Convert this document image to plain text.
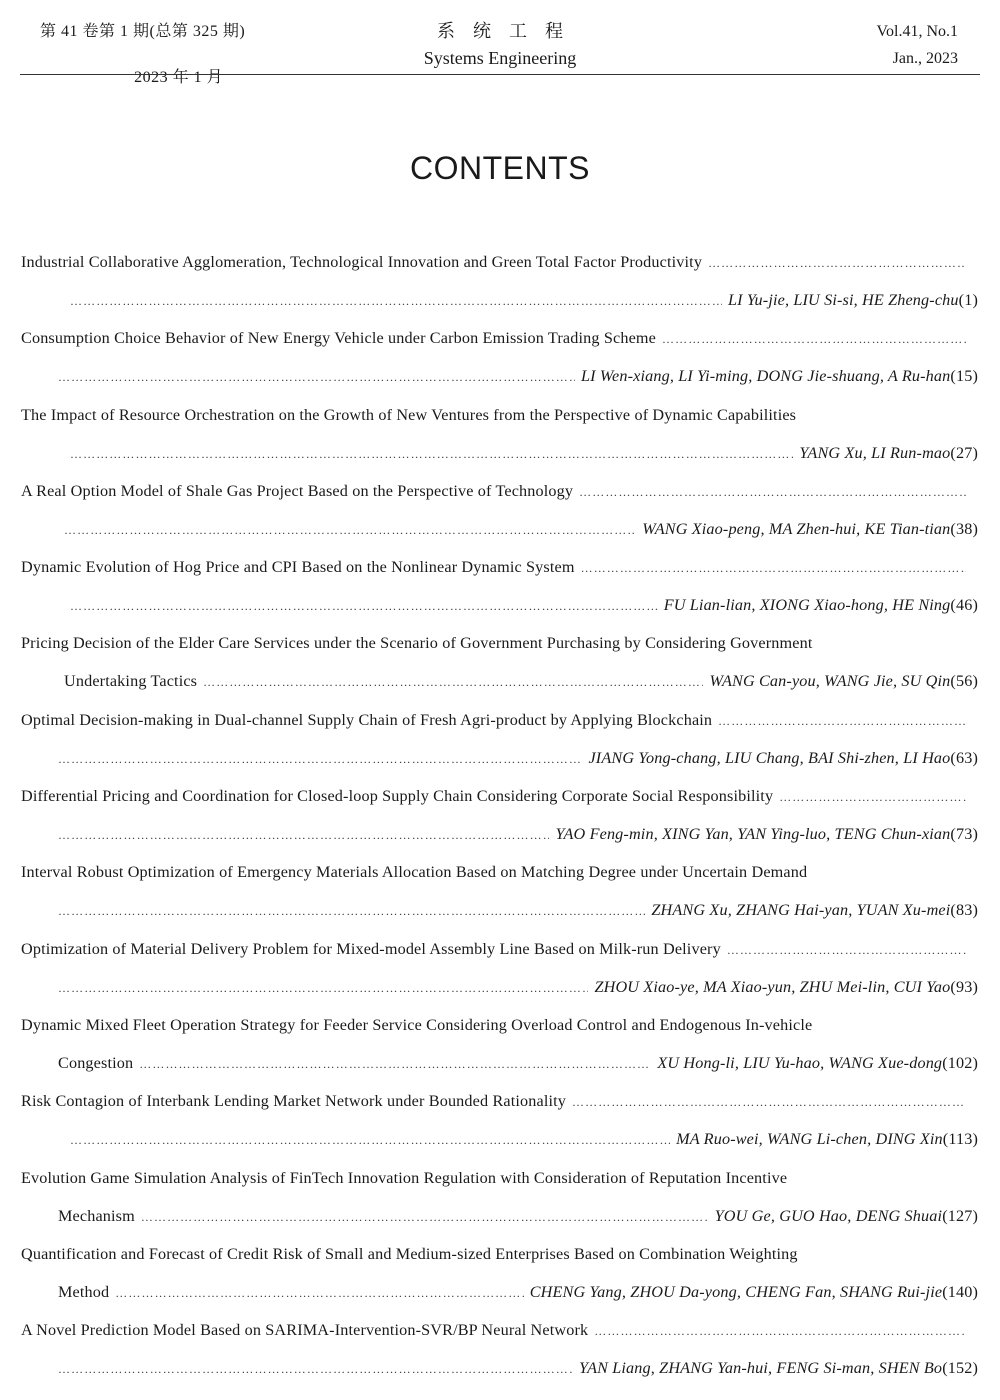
第 41 卷第 1 期(总第 325 期)
2023 年 1 月
系统工程
Systems Engineering
Vol.41, No.1
Jan., 2023
CONTENTS
Industrial Collaborative Agglomeration, Technological Innovation and Green Total Factor Productivity
……………………………………………………………………………………………………………………………………………………………………
……………………………………………………………………………………………………………………………………………………………………
LI Yu-jie, LIU Si-si, HE Zheng-chu (1)
Consumption Choice Behavior of New Energy Vehicle under Carbon Emission Trading Scheme
……………………………………………………………………………………………………………………………………………………………………
……………………………………………………………………………………………………………………………………………………………………
LI Wen-xiang, LI Yi-ming, DONG Jie-shuang, A Ru-han (15)
The Impact of Resource Orchestration on the Growth of New Ventures from the Perspective of Dynamic Capabilities
……………………………………………………………………………………………………………………………………………………………………
YANG Xu, LI Run-mao (27)
A Real Option Model of Shale Gas Project Based on the Perspective of Technology
……………………………………………………………………………………………………………………………………………………………………
……………………………………………………………………………………………………………………………………………………………………
WANG Xiao-peng, MA Zhen-hui, KE Tian-tian (38)
Dynamic Evolution of Hog Price and CPI Based on the Nonlinear Dynamic System
……………………………………………………………………………………………………………………………………………………………………
……………………………………………………………………………………………………………………………………………………………………
FU Lian-lian, XIONG Xiao-hong, HE Ning (46)
Pricing Decision of the Elder Care Services under the Scenario of Government Purchasing by Considering Government
Undertaking Tactics ……………………………………………………………………………………………………………………………………………………………………	WANG Can-you, WANG Jie, SU Qin (56)
Optimal Decision-making in Dual-channel Supply Chain of Fresh Agri-product by Applying Blockchain
……………………………………………………………………………………………………………………………………………………………………
……………………………………………………………………………………………………………………………………………………………………
JIANG Yong-chang, LIU Chang, BAI Shi-zhen, LI Hao (63)
Differential Pricing and Coordination for Closed-loop Supply Chain Considering Corporate Social Responsibility
……………………………………………………………………………………………………………………………………………………………………
……………………………………………………………………………………………………………………………………………………………………
YAO Feng-min, XING Yan, YAN Ying-luo, TENG Chun-xian (73)
Interval Robust Optimization of Emergency Materials Allocation Based on Matching Degree under Uncertain Demand
……………………………………………………………………………………………………………………………………………………………………
ZHANG Xu, ZHANG Hai-yan, YUAN Xu-mei (83)
Optimization of Material Delivery Problem for Mixed-model Assembly Line Based on Milk-run Delivery
……………………………………………………………………………………………………………………………………………………………………
……………………………………………………………………………………………………………………………………………………………………
ZHOU Xiao-ye, MA Xiao-yun, ZHU Mei-lin, CUI Yao (93)
Dynamic Mixed Fleet Operation Strategy for Feeder Service Considering Overload Control and Endogenous In-vehicle
Congestion ……………………………………………………………………………………………………………………………………………………………………	XU Hong-li, LIU Yu-hao, WANG Xue-dong (102)
Risk Contagion of Interbank Lending Market Network under Bounded Rationality
……………………………………………………………………………………………………………………………………………………………………
……………………………………………………………………………………………………………………………………………………………………
MA Ruo-wei, WANG Li-chen, DING Xin (113)
Evolution Game Simulation Analysis of FinTech Innovation Regulation with Consideration of Reputation Incentive
Mechanism ……………………………………………………………………………………………………………………………………………………………………	YOU Ge, GUO Hao, DENG Shuai (127)
Quantification and Forecast of Credit Risk of Small and Medium-sized Enterprises Based on Combination Weighting
Method ……………………………………………………………………………………………………………………………………………………………………	CHENG Yang, ZHOU Da-yong, CHENG Fan, SHANG Rui-jie (140)
A Novel Prediction Model Based on SARIMA-Intervention-SVR/BP Neural Network
……………………………………………………………………………………………………………………………………………………………………
……………………………………………………………………………………………………………………………………………………………………
YAN Liang, ZHANG Yan-hui, FENG Si-man, SHEN Bo (152)
